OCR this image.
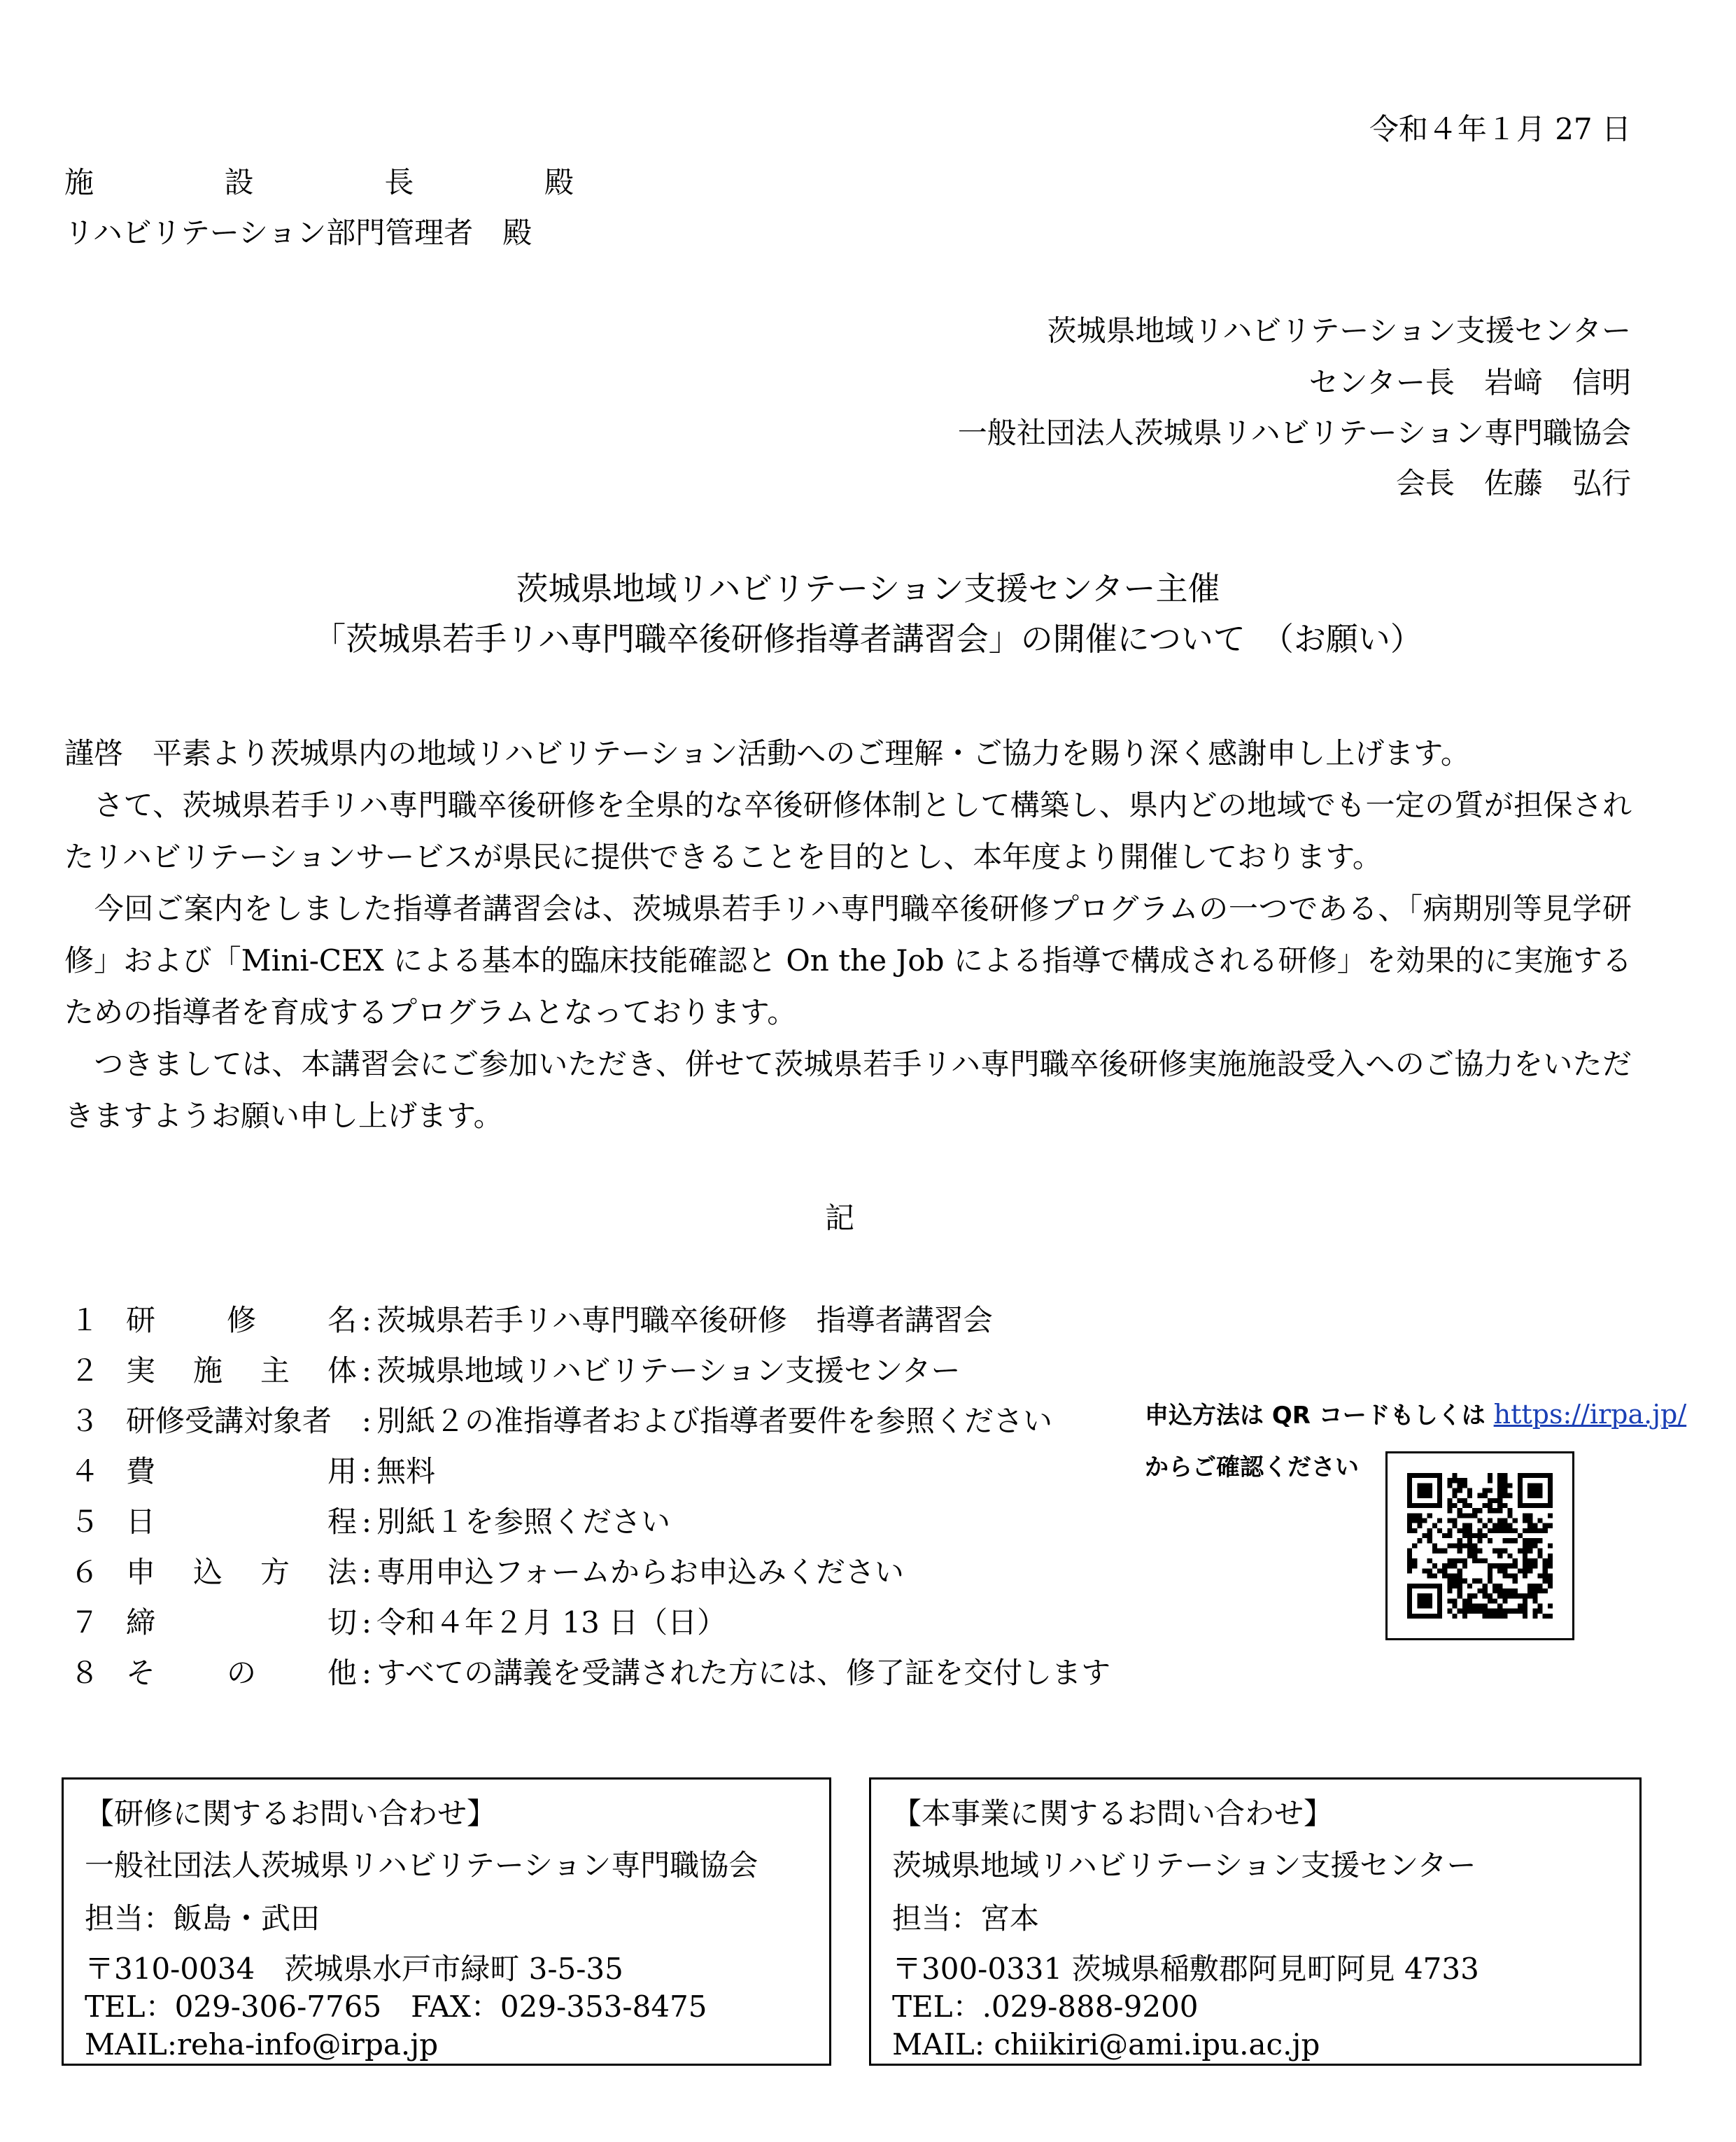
令和４年１月 27 日
施	設	長	殿
リハビリテーション部門管理者　殿
茨城県地域リハビリテーション支援センター
センター長　岩﨑　信明
一般社団法人茨城県リハビリテーション専門職協会
会長　佐藤　弘行
茨城県地域リハビリテーション支援センター主催
「茨城県若手リハ専門職卒後研修指導者講習会」の開催について　（お願い）

謹啓　平素より茨城県内の地域リハビリテーション活動へのご理解・ご協力を賜り深く感謝申し上げます。

　さて、茨城県若手リハ専門職卒後研修を全県的な卒後研修体制として構築し、県内どの地域でも一定の質が担保されたリハビリテーションサービスが県民に提供できることを目的とし、本年度より開催しております。

　今回ご案内をしました指導者講習会は、茨城県若手リハ専門職卒後研修プログラムの一つである、「病期別等見学研修」および「Mini-CEX による基本的臨床技能確認と On the Job による指導で構成される研修」を効果的に実施するための指導者を育成するプログラムとなっております。

　つきましては、本講習会にご参加いただき、併せて茨城県若手リハ専門職卒後研修実施施設受入へのご協力をいただきますようお願い申し上げます。

記
１ 研 修 名 : 茨城県若手リハ専門職卒後研修　指導者講習会
２ 実 施 主 体 : 茨城県地域リハビリテーション支援センター
３ 研修受講対象者 : 別紙２の准指導者および指導者要件を参照ください
４ 費	用 : 無料
５ 日	程 : 別紙１を参照ください
６ 申 込 方 法 : 専用申込フォームからお申込みください
７ 締	切 : 令和４年２月 13 日（日）
８ そ の 他 : すべての講義を受講された方には、修了証を交付します
申込方法は QR コードもしくは https://irpa.jp/
からご確認ください
【研修に関するお問い合わせ】
一般社団法人茨城県リハビリテーション専門職協会
担当：飯島・武田
〒310-0034　茨城県水戸市緑町 3-5-35
TEL：029-306-7765　FAX：029-353-8475
MAIL:reha-info@irpa.jp
【本事業に関するお問い合わせ】
茨城県地域リハビリテーション支援センター
担当：宮本
〒300-0331 茨城県稲敷郡阿見町阿見 4733
TEL：.029-888-9200
MAIL: chiikiri@ami.ipu.ac.jp
